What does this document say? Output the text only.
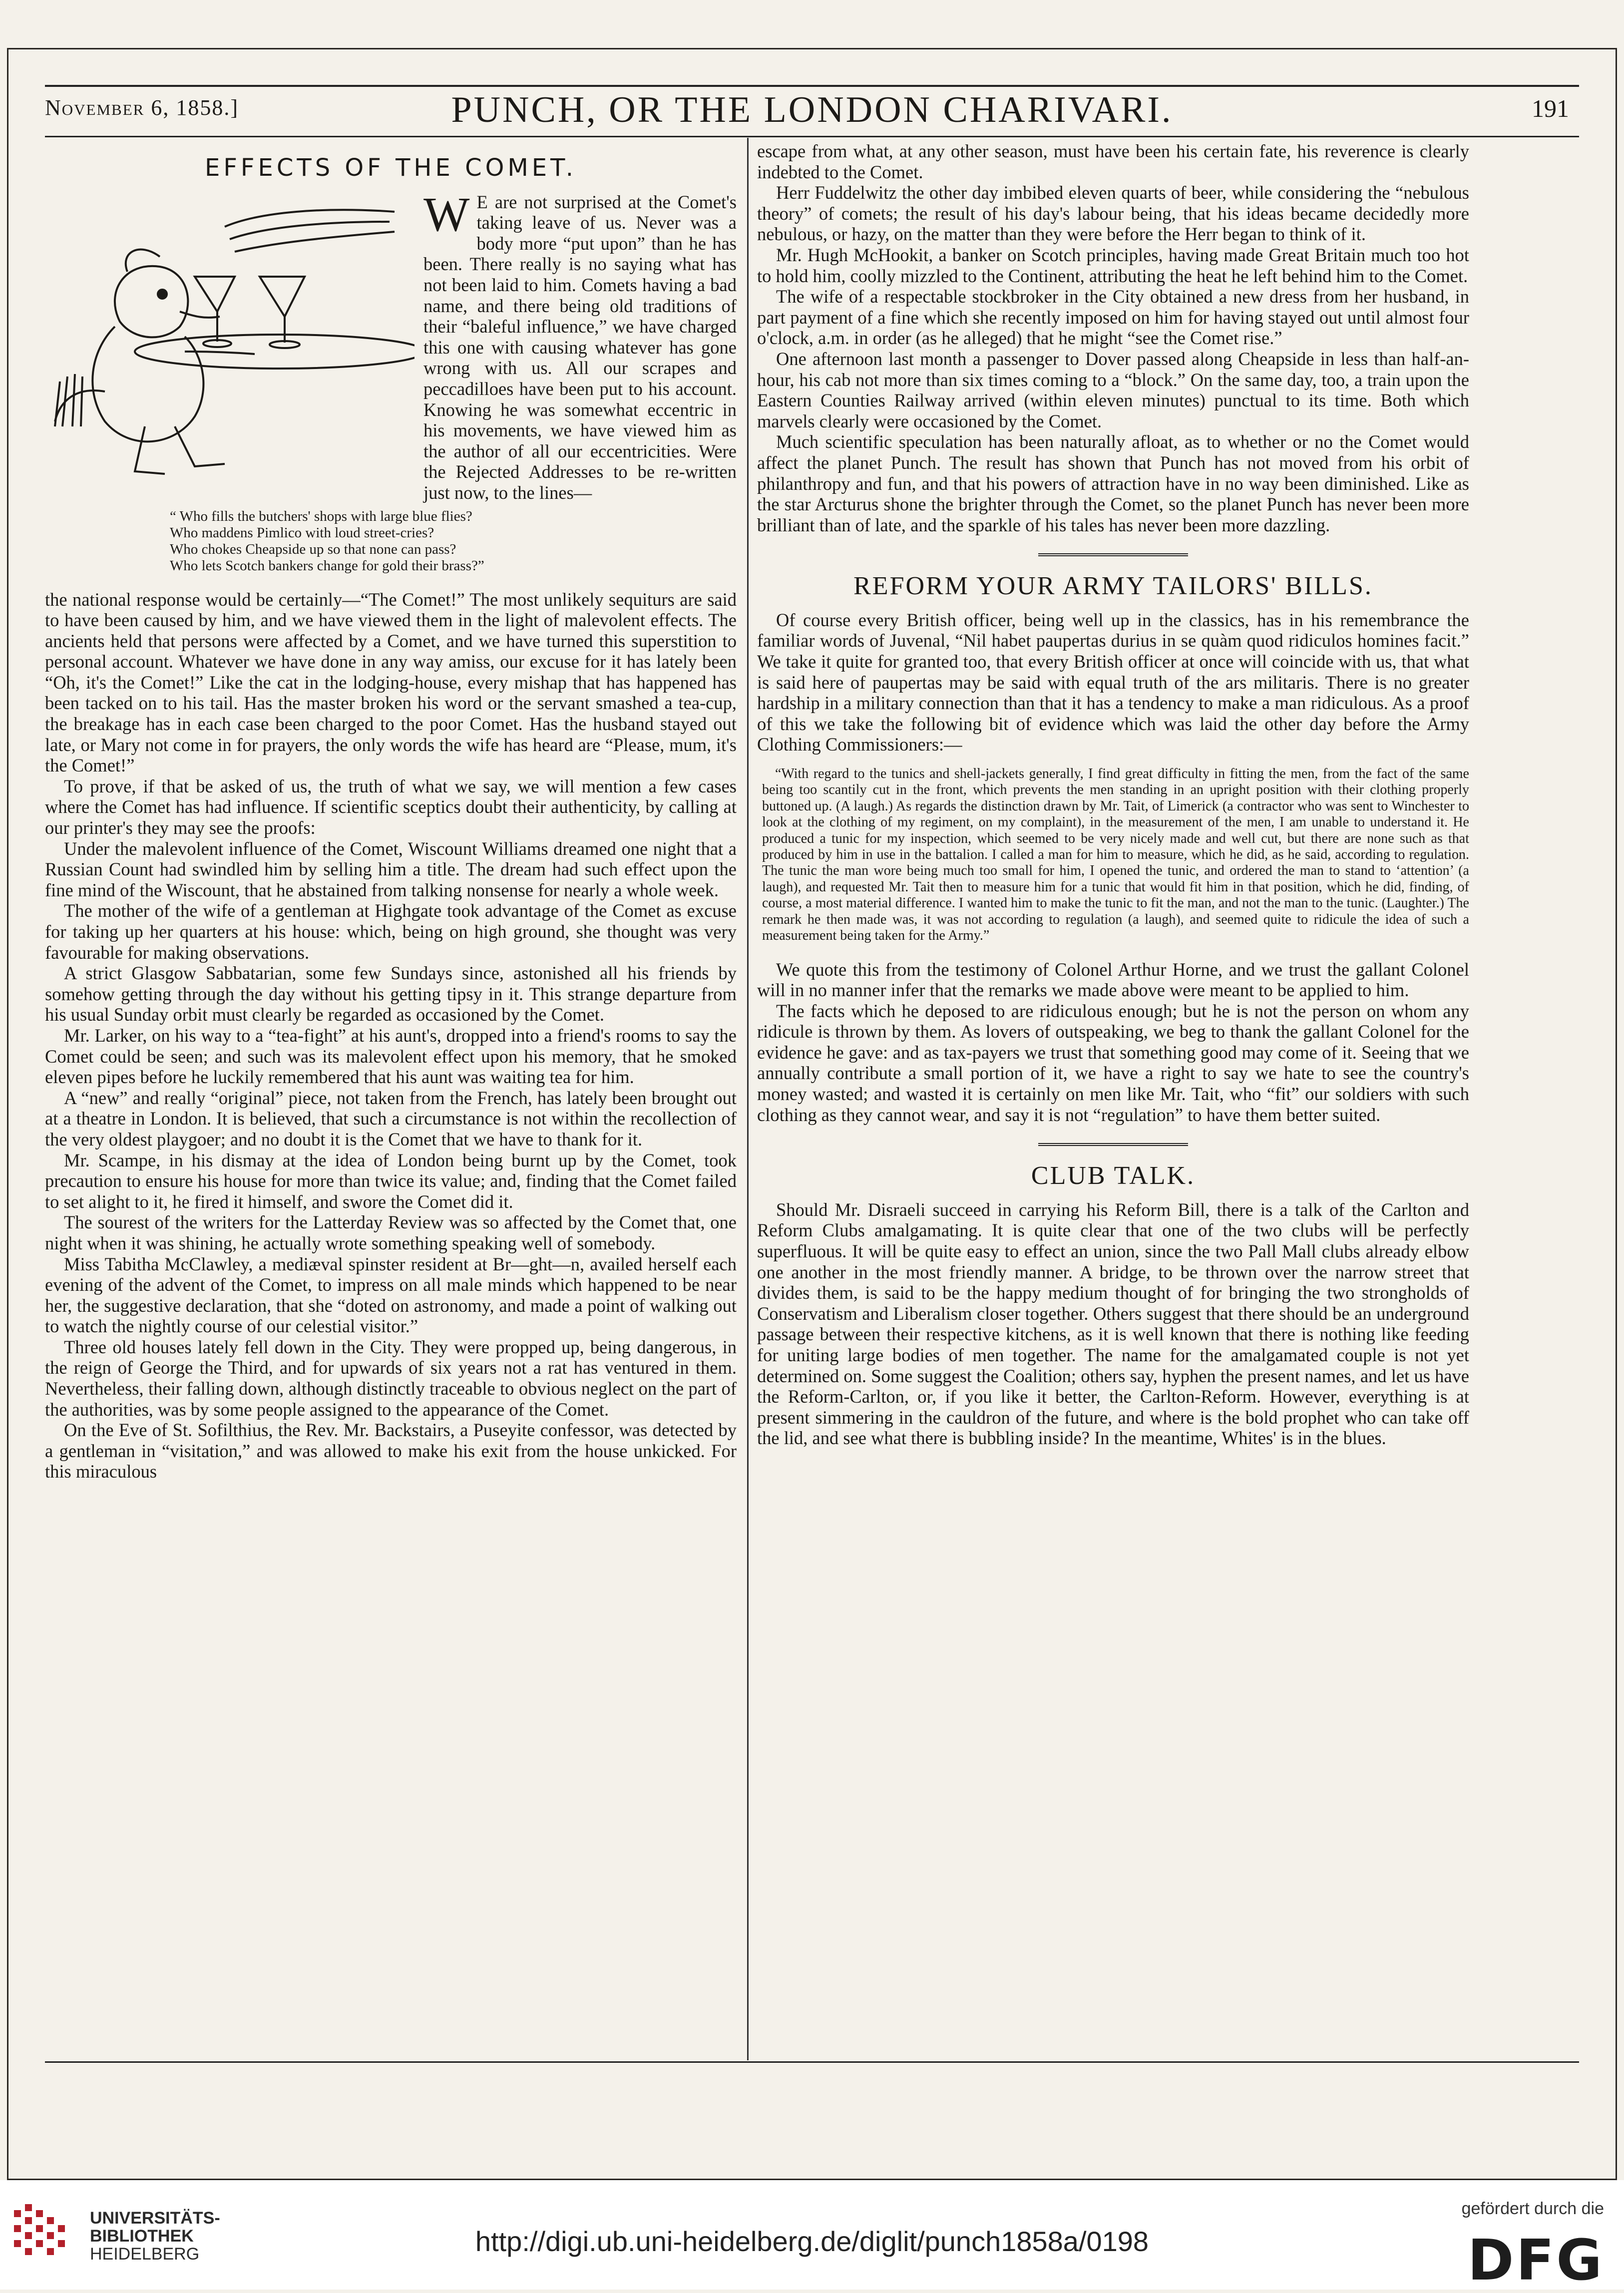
November 6, 1858.]	PUNCH, OR THE LONDON CHARIVARI.	191
EFFECTS OF THE COMET.

W E are not surprised at the Comet's taking leave of us. Never was a body more “put upon” than he has been. There really is no saying what has not been laid to him. Comets having a bad name, and there being old traditions of their “baleful influence,” we have charged this one with causing whatever has gone wrong with us. All our scrapes and peccadilloes have been put to his account. Knowing he was somewhat eccentric in his movements, we have viewed him as the author of all our eccentricities. Were the Rejected Addresses to be re-written just now, to the lines—

“ Who fills the butchers' shops with large blue flies?
Who maddens Pimlico with loud street-cries?
Who chokes Cheapside up so that none can pass?
Who lets Scotch bankers change for gold their brass?”

the national response would be certainly—“The Comet!” The most unlikely sequiturs are said to have been caused by him, and we have viewed them in the light of malevolent effects. The ancients held that persons were affected by a Comet, and we have turned this superstition to personal account. Whatever we have done in any way amiss, our excuse for it has lately been “Oh, it's the Comet!” Like the cat in the lodging-house, every mishap that has happened has been tacked on to his tail. Has the master broken his word or the servant smashed a tea-cup, the breakage has in each case been charged to the poor Comet. Has the husband stayed out late, or Mary not come in for prayers, the only words the wife has heard are “Please, mum, it's the Comet!”

To prove, if that be asked of us, the truth of what we say, we will mention a few cases where the Comet has had influence. If scientific sceptics doubt their authenticity, by calling at our printer's they may see the proofs:

Under the malevolent influence of the Comet, Wiscount Williams dreamed one night that a Russian Count had swindled him by selling him a title. The dream had such effect upon the fine mind of the Wiscount, that he abstained from talking nonsense for nearly a whole week.

The mother of the wife of a gentleman at Highgate took advantage of the Comet as excuse for taking up her quarters at his house: which, being on high ground, she thought was very favourable for making observations.

A strict Glasgow Sabbatarian, some few Sundays since, astonished all his friends by somehow getting through the day without his getting tipsy in it. This strange departure from his usual Sunday orbit must clearly be regarded as occasioned by the Comet.

Mr. Larker, on his way to a “tea-fight” at his aunt's, dropped into a friend's rooms to say the Comet could be seen; and such was its malevolent effect upon his memory, that he smoked eleven pipes before he luckily remembered that his aunt was waiting tea for him.

A “new” and really “original” piece, not taken from the French, has lately been brought out at a theatre in London. It is believed, that such a circumstance is not within the recollection of the very oldest playgoer; and no doubt it is the Comet that we have to thank for it.

Mr. Scampe, in his dismay at the idea of London being burnt up by the Comet, took precaution to ensure his house for more than twice its value; and, finding that the Comet failed to set alight to it, he fired it himself, and swore the Comet did it.

The sourest of the writers for the Latterday Review was so affected by the Comet that, one night when it was shining, he actually wrote something speaking well of somebody.

Miss Tabitha McClawley, a mediæval spinster resident at Br—ght—n, availed herself each evening of the advent of the Comet, to impress on all male minds which happened to be near her, the suggestive declaration, that she “doted on astronomy, and made a point of walking out to watch the nightly course of our celestial visitor.”

Three old houses lately fell down in the City. They were propped up, being dangerous, in the reign of George the Third, and for upwards of six years not a rat has ventured in them. Nevertheless, their falling down, although distinctly traceable to obvious neglect on the part of the authorities, was by some people assigned to the appearance of the Comet.

On the Eve of St. Sofilthius, the Rev. Mr. Backstairs, a Puseyite confessor, was detected by a gentleman in “visitation,” and was allowed to make his exit from the house unkicked. For this miraculous

escape from what, at any other season, must have been his certain fate, his reverence is clearly indebted to the Comet.

Herr Fuddelwitz the other day imbibed eleven quarts of beer, while considering the “nebulous theory” of comets; the result of his day's labour being, that his ideas became decidedly more nebulous, or hazy, on the matter than they were before the Herr began to think of it.

Mr. Hugh McHookit, a banker on Scotch principles, having made Great Britain much too hot to hold him, coolly mizzled to the Continent, attributing the heat he left behind him to the Comet.

The wife of a respectable stockbroker in the City obtained a new dress from her husband, in part payment of a fine which she recently imposed on him for having stayed out until almost four o'clock, a.m. in order (as he alleged) that he might “see the Comet rise.”

One afternoon last month a passenger to Dover passed along Cheapside in less than half-an-hour, his cab not more than six times coming to a “block.” On the same day, too, a train upon the Eastern Counties Railway arrived (within eleven minutes) punctual to its time. Both which marvels clearly were occasioned by the Comet.

Much scientific speculation has been naturally afloat, as to whether or no the Comet would affect the planet Punch. The result has shown that Punch has not moved from his orbit of philanthropy and fun, and that his powers of attraction have in no way been diminished. Like as the star Arcturus shone the brighter through the Comet, so the planet Punch has never been more brilliant than of late, and the sparkle of his tales has never been more dazzling.

REFORM YOUR ARMY TAILORS' BILLS.

Of course every British officer, being well up in the classics, has in his remembrance the familiar words of Juvenal, “Nil habet paupertas durius in se quàm quod ridiculos homines facit.” We take it quite for granted too, that every British officer at once will coincide with us, that what is said here of paupertas may be said with equal truth of the ars militaris. There is no greater hardship in a military connection than that it has a tendency to make a man ridiculous. As a proof of this we take the following bit of evidence which was laid the other day before the Army Clothing Commissioners:—

“With regard to the tunics and shell-jackets generally, I find great difficulty in fitting the men, from the fact of the same being too scantily cut in the front, which prevents the men standing in an upright position with their clothing properly buttoned up. (A laugh.) As regards the distinction drawn by Mr. Tait, of Limerick (a contractor who was sent to Winchester to look at the clothing of my regiment, on my complaint), in the measurement of the men, I am unable to understand it. He produced a tunic for my inspection, which seemed to be very nicely made and well cut, but there are none such as that produced by him in use in the battalion. I called a man for him to measure, which he did, as he said, according to regulation. The tunic the man wore being much too small for him, I opened the tunic, and ordered the man to stand to ‘attention’ (a laugh), and requested Mr. Tait then to measure him for a tunic that would fit him in that position, which he did, finding, of course, a most material difference. I wanted him to make the tunic to fit the man, and not the man to the tunic. (Laughter.) The remark he then made was, it was not according to regulation (a laugh), and seemed quite to ridicule the idea of such a measurement being taken for the Army.”

We quote this from the testimony of Colonel Arthur Horne, and we trust the gallant Colonel will in no manner infer that the remarks we made above were meant to be applied to him.

The facts which he deposed to are ridiculous enough; but he is not the person on whom any ridicule is thrown by them. As lovers of outspeaking, we beg to thank the gallant Colonel for the evidence he gave: and as tax-payers we trust that something good may come of it. Seeing that we annually contribute a small portion of it, we have a right to say we hate to see the country's money wasted; and wasted it is certainly on men like Mr. Tait, who “fit” our soldiers with such clothing as they cannot wear, and say it is not “regulation” to have them better suited.

CLUB TALK.

Should Mr. Disraeli succeed in carrying his Reform Bill, there is a talk of the Carlton and Reform Clubs amalgamating. It is quite clear that one of the two clubs will be perfectly superfluous. It will be quite easy to effect an union, since the two Pall Mall clubs already elbow one another in the most friendly manner. A bridge, to be thrown over the narrow street that divides them, is said to be the happy medium thought of for bringing the two strongholds of Conservatism and Liberalism closer together. Others suggest that there should be an underground passage between their respective kitchens, as it is well known that there is nothing like feeding for uniting large bodies of men together. The name for the amalgamated couple is not yet determined on. Some suggest the Coalition; others say, hyphen the present names, and let us have the Reform-Carlton, or, if you like it better, the Carlton-Reform. However, everything is at present simmering in the cauldron of the future, and where is the bold prophet who can take off the lid, and see what there is bubbling inside? In the meantime, Whites' is in the blues.

UNIVERSITÄTS-
BIBLIOTHEK
HEIDELBERG	http://digi.ub.uni-heidelberg.de/diglit/punch1858a/0198
gefördert durch die
DFG
